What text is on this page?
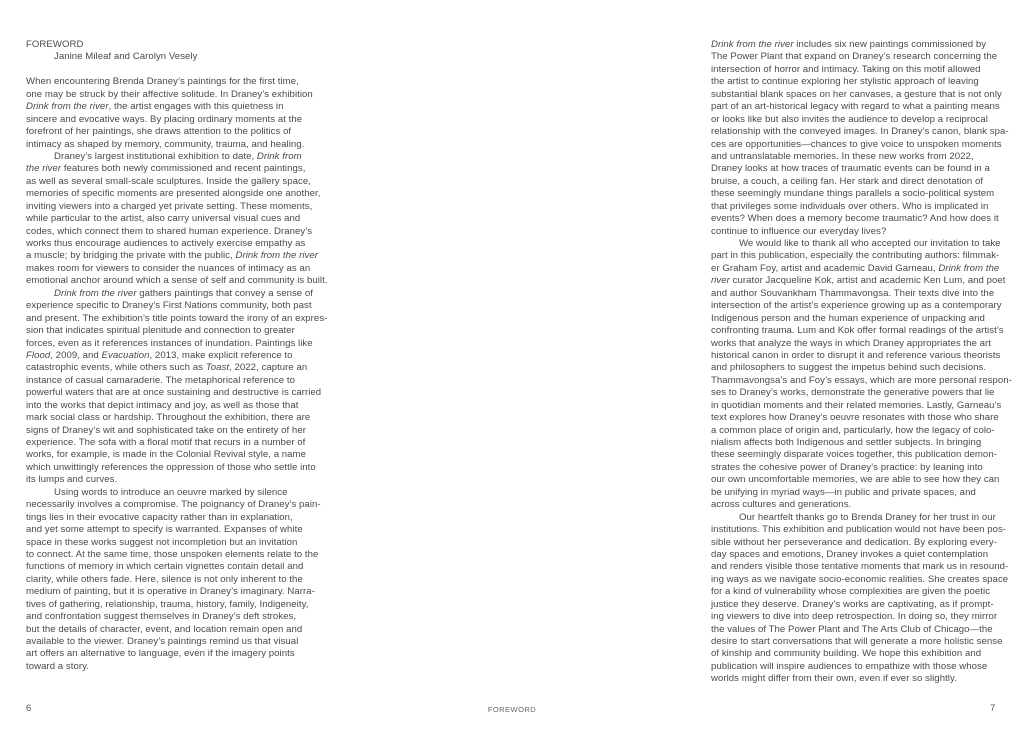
FOREWORD
Janine Mileaf and Carolyn Vesely
When encountering Brenda Draney’s paintings for the first time,
one may be struck by their affective solitude. In Draney’s exhibition
Drink from the river, the artist engages with this quietness in
sincere and evocative ways. By placing ordinary moments at the
forefront of her paintings, she draws attention to the politics of
intimacy as shaped by memory, community, trauma, and healing.
Draney’s largest institutional exhibition to date, Drink from
the river features both newly commissioned and recent paintings,
as well as several small-scale sculptures. Inside the gallery space,
memories of specific moments are presented alongside one another,
inviting viewers into a charged yet private setting. These moments,
while particular to the artist, also carry universal visual cues and
codes, which connect them to shared human experience. Draney’s
works thus encourage audiences to actively exercise empathy as
a muscle; by bridging the private with the public, Drink from the river
makes room for viewers to consider the nuances of intimacy as an
emotional anchor around which a sense of self and community is built.
Drink from the river gathers paintings that convey a sense of
experience specific to Draney’s First Nations community, both past
and present. The exhibition’s title points toward the irony of an expres-
sion that indicates spiritual plenitude and connection to greater
forces, even as it references instances of inundation. Paintings like
Flood, 2009, and Evacuation, 2013, make explicit reference to
catastrophic events, while others such as Toast, 2022, capture an
instance of casual camaraderie. The metaphorical reference to
powerful waters that are at once sustaining and destructive is carried
into the works that depict intimacy and joy, as well as those that
mark social class or hardship. Throughout the exhibition, there are
signs of Draney’s wit and sophisticated take on the entirety of her
experience. The sofa with a floral motif that recurs in a number of
works, for example, is made in the Colonial Revival style, a name
which unwittingly references the oppression of those who settle into
its lumps and curves.
Using words to introduce an oeuvre marked by silence
necessarily involves a compromise. The poignancy of Draney’s pain-
tings lies in their evocative capacity rather than in explanation,
and yet some attempt to specify is warranted. Expanses of white
space in these works suggest not incompletion but an invitation
to connect. At the same time, those unspoken elements relate to the
functions of memory in which certain vignettes contain detail and
clarity, while others fade. Here, silence is not only inherent to the
medium of painting, but it is operative in Draney’s imaginary. Narra-
tives of gathering, relationship, trauma, history, family, Indigeneity,
and confrontation suggest themselves in Draney’s deft strokes,
but the details of character, event, and location remain open and
available to the viewer. Draney’s paintings remind us that visual
art offers an alternative to language, even if the imagery points
toward a story.
6
Drink from the river includes six new paintings commissioned by
The Power Plant that expand on Draney’s research concerning the
intersection of horror and intimacy. Taking on this motif allowed
the artist to continue exploring her stylistic approach of leaving
substantial blank spaces on her canvases, a gesture that is not only
part of an art-historical legacy with regard to what a painting means
or looks like but also invites the audience to develop a reciprocal
relationship with the conveyed images. In Draney’s canon, blank spa-
ces are opportunities—chances to give voice to unspoken moments
and untranslatable memories. In these new works from 2022,
Draney looks at how traces of traumatic events can be found in a
bruise, a couch, a ceiling fan. Her stark and direct denotation of
these seemingly mundane things parallels a socio-political system
that privileges some individuals over others. Who is implicated in
events? When does a memory become traumatic? And how does it
continue to influence our everyday lives?
We would like to thank all who accepted our invitation to take
part in this publication, especially the contributing authors: filmmak-
er Graham Foy, artist and academic David Garneau, Drink from the
river curator Jacqueline Kok, artist and academic Ken Lum, and poet
and author Souvankham Thammavongsa. Their texts dive into the
intersection of the artist’s experience growing up as a contemporary
Indigenous person and the human experience of unpacking and
confronting trauma. Lum and Kok offer formal readings of the artist’s
works that analyze the ways in which Draney appropriates the art
historical canon in order to disrupt it and reference various theorists
and philosophers to suggest the impetus behind such decisions.
Thammavongsa’s and Foy’s essays, which are more personal respon-
ses to Draney’s works, demonstrate the generative powers that lie
in quotidian moments and their related memories. Lastly, Garneau’s
text explores how Draney’s oeuvre resonates with those who share
a common place of origin and, particularly, how the legacy of colo-
nialism affects both Indigenous and settler subjects. In bringing
these seemingly disparate voices together, this publication demon-
strates the cohesive power of Draney’s practice: by leaning into
our own uncomfortable memories, we are able to see how they can
be unifying in myriad ways—in public and private spaces, and
across cultures and generations.
Our heartfelt thanks go to Brenda Draney for her trust in our
institutions. This exhibition and publication would not have been pos-
sible without her perseverance and dedication. By exploring every-
day spaces and emotions, Draney invokes a quiet contemplation
and renders visible those tentative moments that mark us in resound-
ing ways as we navigate socio-economic realities. She creates space
for a kind of vulnerability whose complexities are given the poetic
justice they deserve. Draney’s works are captivating, as if prompt-
ing viewers to dive into deep retrospection. In doing so, they mirror
the values of The Power Plant and The Arts Club of Chicago—the
desire to start conversations that will generate a more holistic sense
of kinship and community building. We hope this exhibition and
publication will inspire audiences to empathize with those whose
worlds might differ from their own, even if ever so slightly.
FOREWORD	7
